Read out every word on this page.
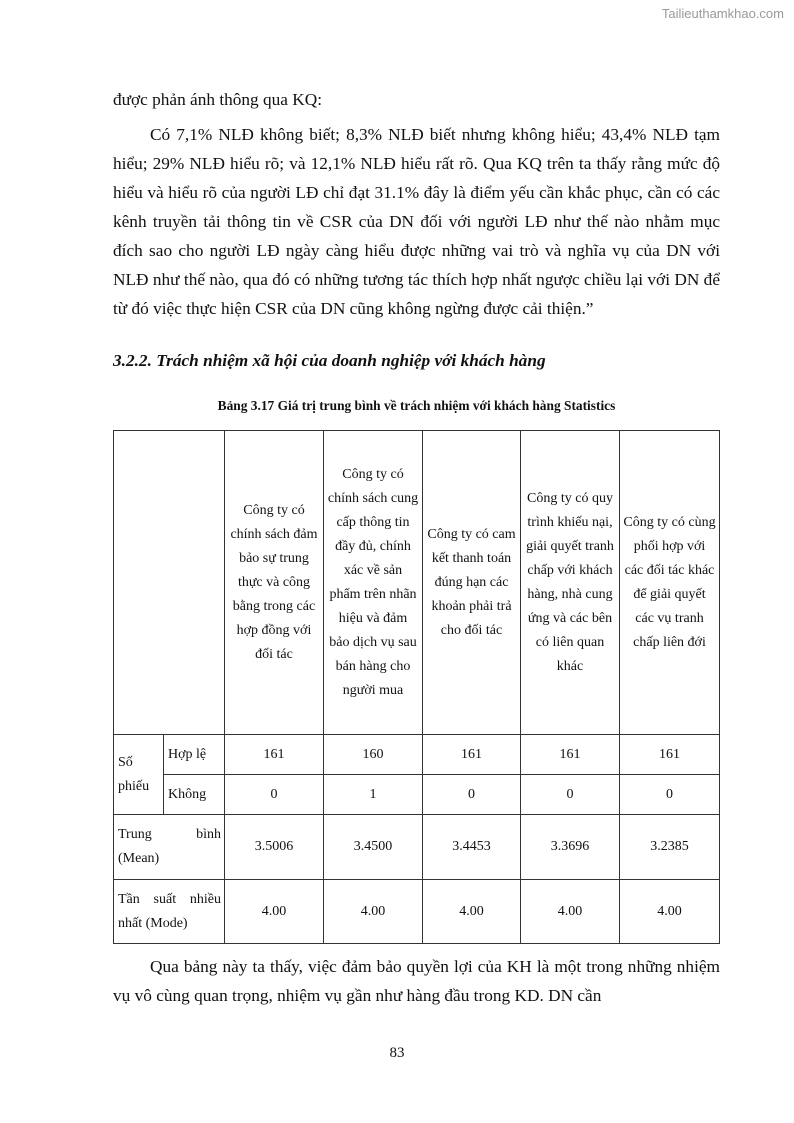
Tailieuthamkhao.com

được phản ánh thông qua KQ:

Có 7,1% NLĐ không biết; 8,3% NLĐ biết nhưng không hiểu; 43,4% NLĐ tạm hiểu; 29% NLĐ hiểu rõ; và 12,1% NLĐ hiểu rất rõ. Qua KQ trên ta thấy rằng mức độ hiểu và hiểu rõ của người LĐ chỉ đạt 31.1% đây là điểm yếu cần khắc phục, cần có các kênh truyền tải thông tin về CSR của DN đối với người LĐ như thế nào nhằm mục đích sao cho người LĐ ngày càng hiểu được những vai trò và nghĩa vụ của DN với NLĐ như thế nào, qua đó có những tương tác thích hợp nhất ngược chiều lại với DN để từ đó việc thực hiện CSR của DN cũng không ngừng được cải thiện.”

3.2.2. Trách nhiệm xã hội của doanh nghiệp với khách hàng

Bảng 3.17 Giá trị trung bình về trách nhiệm với khách hàng Statistics

		Công ty có chính sách đảm bảo sự trung thực và công bằng trong các hợp đồng với đối tác	Công ty có chính sách cung cấp thông tin đầy đủ, chính xác về sản phẩm trên nhãn hiệu và đảm bảo dịch vụ sau bán hàng cho người mua	Công ty có cam kết thanh toán đúng hạn các khoản phải trả cho đối tác	Công ty có quy trình khiếu nại, giải quyết tranh chấp với khách hàng, nhà cung ứng và các bên có liên quan khác	Công ty có cùng phối hợp với các đối tác khác để giải quyết các vụ tranh chấp liên đới
Số phiếu	Hợp lệ	161	160	161	161	161
	Không	0	1	0	0	0

Trung bình
(Mean)		3.5006	3.4500	3.4453	3.3696	3.2385

Tần suất nhiều
nhất (Mode)		4.00	4.00	4.00	4.00	4.00

Qua bảng này ta thấy, việc đảm bảo quyền lợi của KH là một trong những nhiệm vụ vô cùng quan trọng, nhiệm vụ gần như hàng đầu trong KD. DN cần

83
